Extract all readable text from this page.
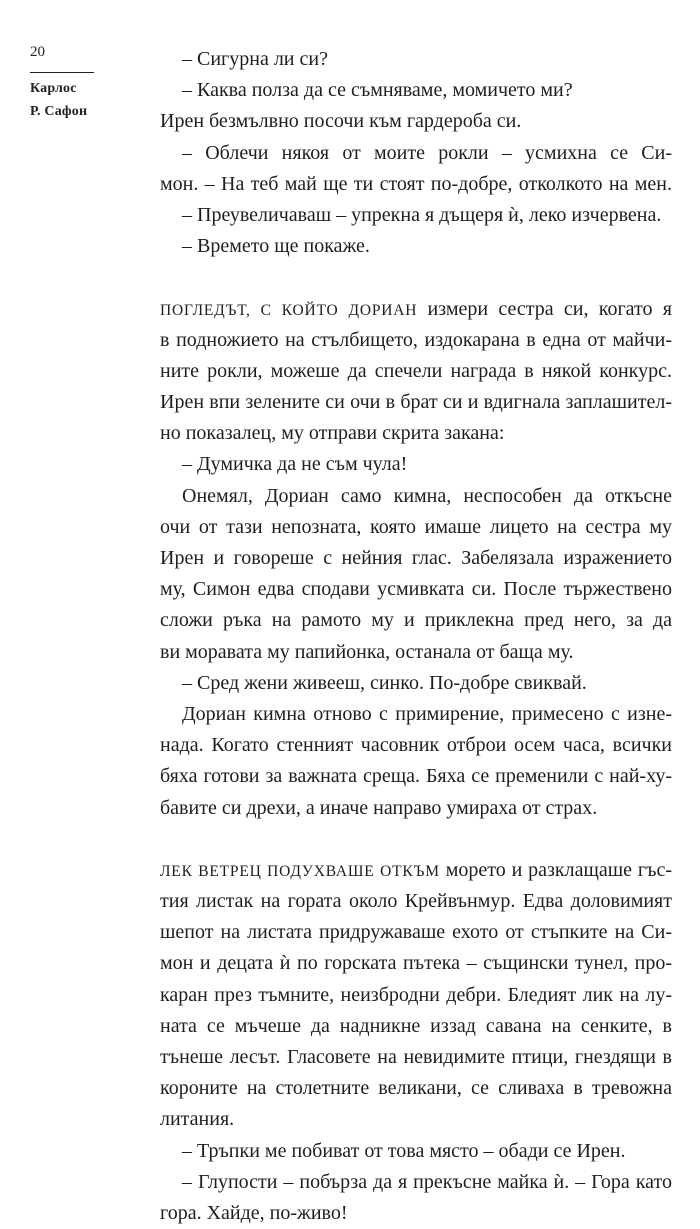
20
Карлос
Р. Сафон
– Сигурна ли си?
– Каква полза да се съмняваме, момичето ми?
Ирен безмълвно посочи към гардероба си.
– Облечи някоя от моите рокли – усмихна се Си-
мон. – На теб май ще ти стоят по-добре, отколкото на мен.
– Преувеличаваш – упрекна я дъщеря ѝ, леко изчервена.
– Времето ще покаже.
ПОГЛЕДЪТ, С КОЙТО ДОРИАН измери сестра си, когато я
в подножието на стълбището, издокарана в една от майчи-
ните рокли, можеше да спечели награда в някой конкурс.
Ирен впи зелените си очи в брат си и вдигнала заплашител-
но показалец, му отправи скрита закана:
– Думичка да не съм чула!
Онемял, Дориан само кимна, неспособен да откъсне
очи от тази непозната, която имаше лицето на сестра му
Ирен и говореше с нейния глас. Забелязала изражението
му, Симон едва сподави усмивката си. После тържествено
сложи ръка на рамото му и приклекна пред него, за да
ви моравата му папийонка, останала от баща му.
– Сред жени живееш, синко. По-добре свиквай.
Дориан кимна отново с примирение, примесено с изне-
нада. Когато стенният часовник отброи осем часа, всички
бяха готови за важната среща. Бяха се пременили с най-ху-
бавите си дрехи, а иначе направо умираха от страх.
ЛЕК ВЕТРЕЦ ПОДУХВАШЕ ОТКЪМ морето и разклащаше гъс-
тия листак на гората около Крейвънмур. Едва доловимият
шепот на листата придружаваше ехото от стъпките на Си-
мон и децата ѝ по горската пътека – същински тунел, про-
каран през тъмните, неизбродни дебри. Бледият лик на лу-
ната се мъчеше да надникне иззад савана на сенките, в
тънеше лесът. Гласовете на невидимите птици, гнездящи в
короните на столетните великани, се сливаха в тревожна
литания.
– Тръпки ме побиват от това място – обади се Ирен.
– Глупости – побърза да я прекъсне майка ѝ. – Гора като
гора. Хайде, по-живо!
